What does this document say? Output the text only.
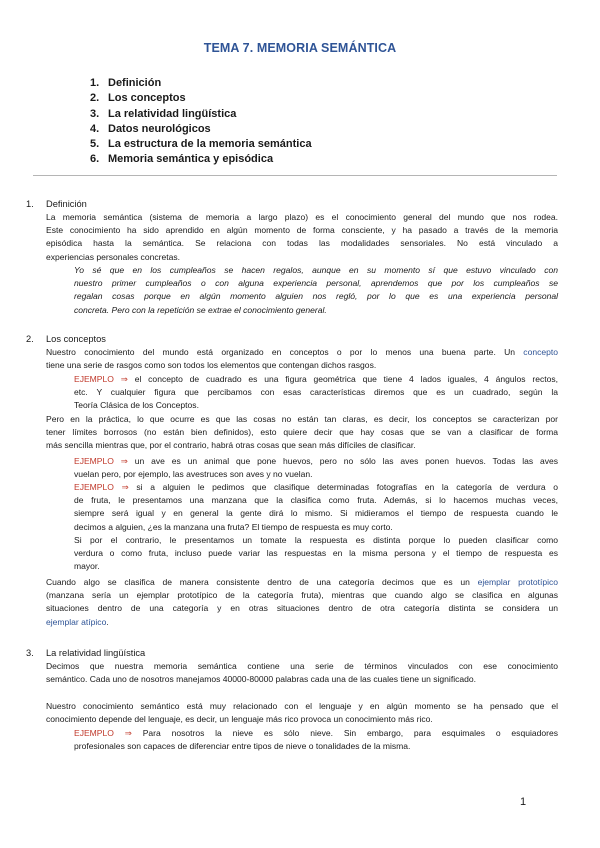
TEMA 7. MEMORIA SEMÁNTICA
1. Definición
2. Los conceptos
3. La relatividad lingüística
4. Datos neurológicos
5. La estructura de la memoria semántica
6. Memoria semántica y episódica
1. Definición
La memoria semántica (sistema de memoria a largo plazo) es el conocimiento general del mundo que nos rodea.
Este conocimiento ha sido aprendido en algún momento de forma consciente, y ha pasado a través de la memoria
episódica hasta la semántica. Se relaciona con todas las modalidades sensoriales. No está vinculado a
experiencias personales concretas.
Yo sé que en los cumpleaños se hacen regalos, aunque en su momento sí que estuvo vinculado con
nuestro primer cumpleaños o con alguna experiencia personal, aprendemos que por los cumpleaños se
regalan cosas porque en algún momento alguien nos regló, por lo que es una experiencia personal
concreta. Pero con la repetición se extrae el conocimiento general.
2. Los conceptos
Nuestro conocimiento del mundo está organizado en conceptos o por lo menos una buena parte. Un concepto
tiene una serie de rasgos como son todos los elementos que contengan dichos rasgos.
EJEMPLO ⇒ el concepto de cuadrado es una figura geométrica que tiene 4 lados iguales, 4 ángulos rectos,
etc. Y cualquier figura que percibamos con esas características diremos que es un cuadrado, según la
Teoría Clásica de los Conceptos.
Pero en la práctica, lo que ocurre es que las cosas no están tan claras, es decir, los conceptos se caracterizan por
tener límites borrosos (no están bien definidos), esto quiere decir que hay cosas que se van a clasificar de forma
más sencilla mientras que, por el contrario, habrá otras cosas que sean más difíciles de clasificar.
EJEMPLO ⇒ un ave es un animal que pone huevos, pero no sólo las aves ponen huevos. Todas las aves
vuelan pero, por ejemplo, las avestruces son aves y no vuelan.
EJEMPLO ⇒ si a alguien le pedimos que clasifique determinadas fotografías en la categoría de verdura o
de fruta, le presentamos una manzana que la clasifica como fruta. Además, si lo hacemos muchas veces,
siempre será igual y en general la gente dirá lo mismo. Si midieramos el tiempo de respuesta cuando le
decimos a alguien, ¿es la manzana una fruta? El tiempo de respuesta es muy corto.
Si por el contrario, le presentamos un tomate la respuesta es distinta porque lo pueden clasificar como
verdura o como fruta, incluso puede variar las respuestas en la misma persona y el tiempo de respuesta es
mayor.
Cuando algo se clasifica de manera consistente dentro de una categoría decimos que es un ejemplar prototípico
(manzana sería un ejemplar prototípico de la categoría fruta), mientras que cuando algo se clasifica en algunas
situaciones dentro de una categoría y en otras situaciones dentro de otra categoría distinta se considera un
ejemplar atípico.
3. La relatividad lingüística
Decimos que nuestra memoria semántica contiene una serie de términos vinculados con ese conocimiento
semántico. Cada uno de nosotros manejamos 40000-80000 palabras cada una de las cuales tiene un significado.
Nuestro conocimiento semántico está muy relacionado con el lenguaje y en algún momento se ha pensado que el
conocimiento depende del lenguaje, es decir, un lenguaje más rico provoca un conocimiento más rico.
EJEMPLO ⇒ Para nosotros la nieve es sólo nieve. Sin embargo, para esquimales o esquiadores
profesionales son capaces de diferenciar entre tipos de nieve o tonalidades de la misma.
1
